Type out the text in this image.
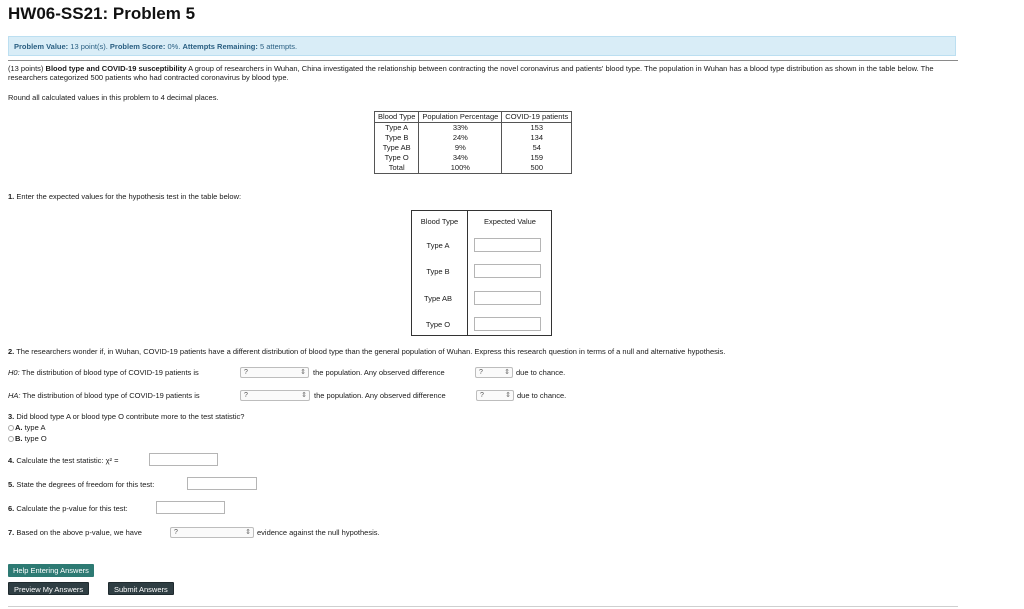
HW06-SS21: Problem 5
Problem Value: 13 point(s). Problem Score: 0%. Attempts Remaining: 5 attempts.
(13 points) Blood type and COVID-19 susceptibility A group of researchers in Wuhan, China investigated the relationship between contracting the novel coronavirus and patients' blood type. The population in Wuhan has a blood type distribution as shown in the table below. The researchers categorized 500 patients who had contracted coronavirus by blood type.
Round all calculated values in this problem to 4 decimal places.
Blood Type	Population Percentage	COVID-19 patients
Type A	33%	153
Type B	24%	134
Type AB	9%	54
Type O	34%	159
Total	100%	500
1. Enter the expected values for the hypothesis test in the table below:
Blood Type	Expected Value
Type A
Type B
Type AB
Type O
2. The researchers wonder if, in Wuhan, COVID-19 patients have a different distribution of blood type than the general population of Wuhan. Express this research question in terms of a null and alternative hypothesis.
H0: The distribution of blood type of COVID-19 patients is	?	⇕ the population. Any observed difference	?	⇕ due to chance.
HA: The distribution of blood type of COVID-19 patients is	?	⇕ the population. Any observed difference	?	⇕ due to chance.
3. Did blood type A or blood type O contribute more to the test statistic?
A. type A
B. type O
4. Calculate the test statistic: χ² =
5. State the degrees of freedom for this test:
6. Calculate the p-value for this test:
7. Based on the above p-value, we have	?	⇕ evidence against the null hypothesis.
Help Entering Answers
Preview My Answers	Submit Answers
